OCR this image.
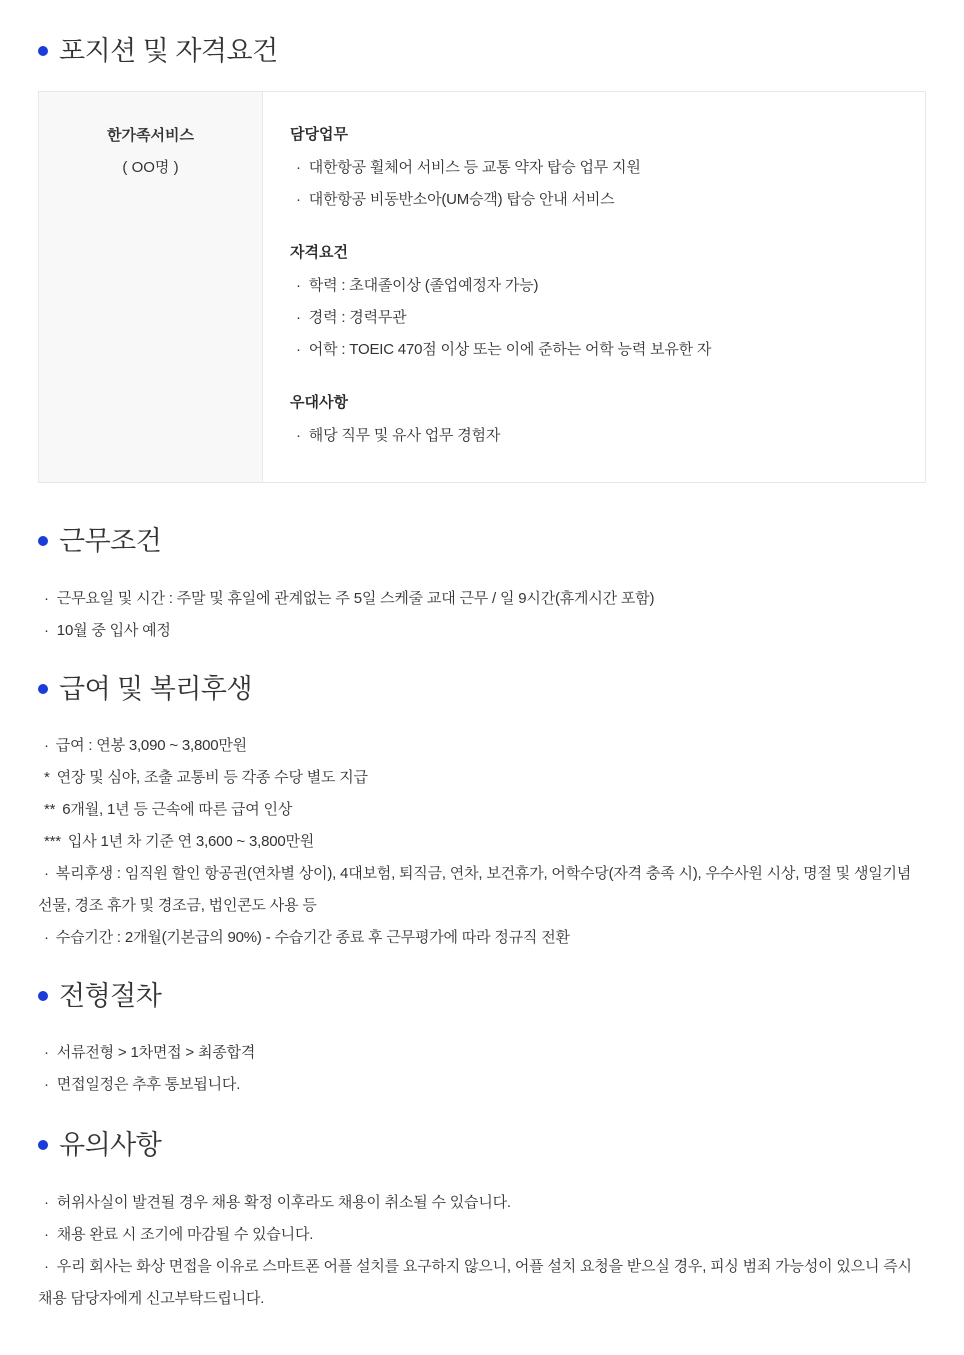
포지션 및 자격요건
한가족서비스
( OO명 )
담당업무

· 대한항공 휠체어 서비스 등 교통 약자 탑승 업무 지원

· 대한항공 비동반소아(UM승객) 탑승 안내 서비스

자격요건

· 학력 : 초대졸이상 (졸업예정자 가능)

· 경력 : 경력무관

· 어학 : TOEIC 470점 이상 또는 이에 준하는 어학 능력 보유한 자

우대사항

· 해당 직무 및 유사 업무 경험자

근무조건

· 근무요일 및 시간 : 주말 및 휴일에 관계없는 주 5일 스케줄 교대 근무 / 일 9시간(휴게시간 포함)

· 10월 중 입사 예정

급여 및 복리후생

· 급여 : 연봉 3,090 ~ 3,800만원

* 연장 및 심야, 조출 교통비 등 각종 수당 별도 지급

** 6개월, 1년 등 근속에 따른 급여 인상

*** 입사 1년 차 기준 연 3,600 ~ 3,800만원

· 복리후생 : 임직원 할인 항공권(연차별 상이), 4대보험, 퇴직금, 연차, 보건휴가, 어학수당(자격 충족 시), 우수사원 시상, 명절 및 생일기념 선물, 경조 휴가 및 경조금, 법인콘도 사용 등

· 수습기간 : 2개월(기본급의 90%) - 수습기간 종료 후 근무평가에 따라 정규직 전환

전형절차

· 서류전형 > 1차면접 > 최종합격

· 면접일정은 추후 통보됩니다.

유의사항

· 허위사실이 발견될 경우 채용 확정 이후라도 채용이 취소될 수 있습니다.

· 채용 완료 시 조기에 마감될 수 있습니다.

· 우리 회사는 화상 면접을 이유로 스마트폰 어플 설치를 요구하지 않으니, 어플 설치 요청을 받으실 경우, 피싱 범죄 가능성이 있으니 즉시 채용 담당자에게 신고부탁드립니다.
